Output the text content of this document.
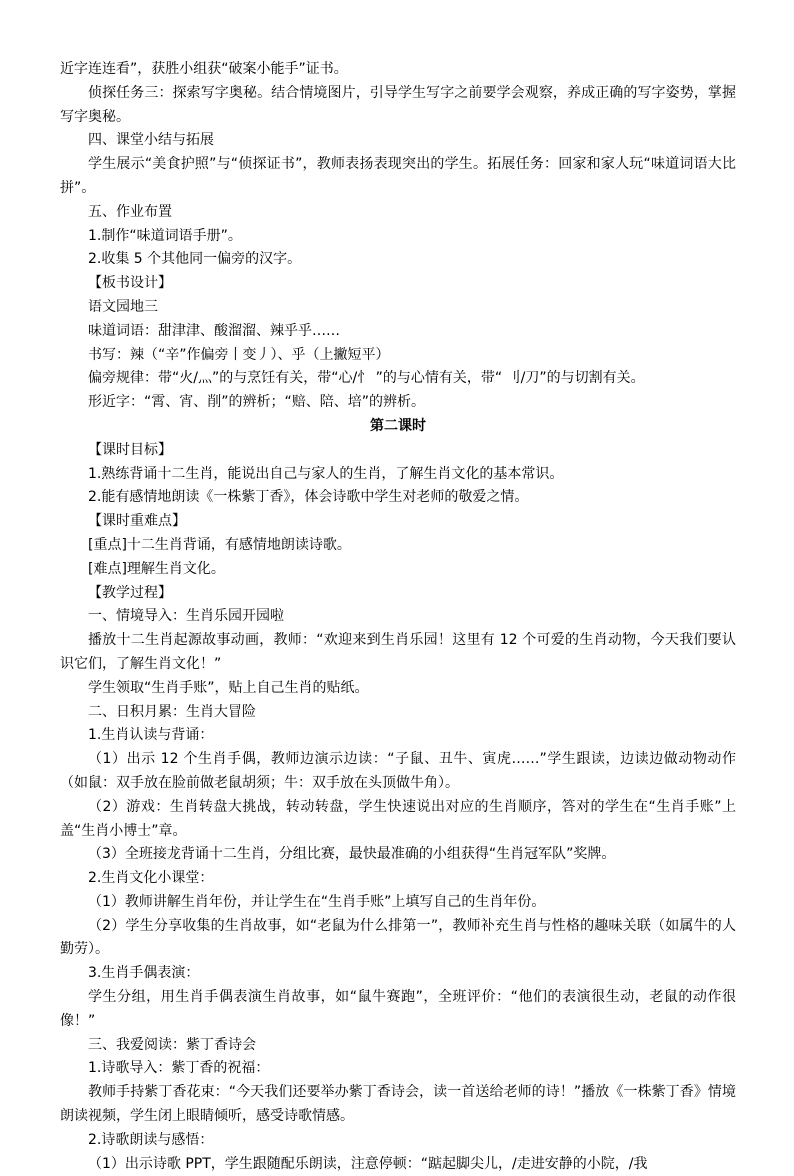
近字连连看”，获胜小组获“破案小能手”证书。

侦探任务三：探索写字奥秘。结合情境图片，引导学生写字之前要学会观察，养成正确的写字姿势，掌握写字奥秘。

四、课堂小结与拓展

学生展示“美食护照”与“侦探证书”，教师表扬表现突出的学生。拓展任务：回家和家人玩“味道词语大比拼”。

五、作业布置

1.制作“味道词语手册”。

2.收集 5 个其他同一偏旁的汉字。

【板书设计】

语文园地三

味道词语：甜津津、酸溜溜、辣乎乎……

书写：辣（“辛”作偏旁丨变丿）、乎（上撇短平）

偏旁规律：带“火/灬”的与烹饪有关，带“心/忄 ”的与心情有关，带“ 刂/刀”的与切割有关。

形近字：“霄、宵、削”的辨析；“赔、陪、培”的辨析。

第二课时

【课时目标】

1.熟练背诵十二生肖，能说出自己与家人的生肖，了解生肖文化的基本常识。

2.能有感情地朗读《一株紫丁香》，体会诗歌中学生对老师的敬爱之情。

【课时重难点】

[重点]十二生肖背诵，有感情地朗读诗歌。

[难点]理解生肖文化。

【教学过程】

一、情境导入：生肖乐园开园啦

播放十二生肖起源故事动画，教师：“欢迎来到生肖乐园！这里有 12 个可爱的生肖动物，今天我们要认识它们，了解生肖文化！”

学生领取“生肖手账”，贴上自己生肖的贴纸。

二、日积月累：生肖大冒险

1.生肖认读与背诵：

（1）出示 12 个生肖手偶，教师边演示边读：“子鼠、丑牛、寅虎……”学生跟读，边读边做动物动作（如鼠：双手放在脸前做老鼠胡须；牛：双手放在头顶做牛角）。

（2）游戏：生肖转盘大挑战，转动转盘，学生快速说出对应的生肖顺序，答对的学生在“生肖手账”上盖“生肖小博士”章。

（3）全班接龙背诵十二生肖，分组比赛，最快最准确的小组获得“生肖冠军队”奖牌。

2.生肖文化小课堂：

（1）教师讲解生肖年份，并让学生在“生肖手账”上填写自己的生肖年份。

（2）学生分享收集的生肖故事，如“老鼠为什么排第一”，教师补充生肖与性格的趣味关联（如属牛的人勤劳）。

3.生肖手偶表演：

学生分组，用生肖手偶表演生肖故事，如“鼠牛赛跑”，全班评价：“他们的表演很生动，老鼠的动作很像！”

三、我爱阅读：紫丁香诗会

1.诗歌导入：紫丁香的祝福：

教师手持紫丁香花束：“今天我们还要举办紫丁香诗会，读一首送给老师的诗！”播放《一株紫丁香》情境朗读视频，学生闭上眼睛倾听，感受诗歌情感。

2.诗歌朗读与感悟：

（1）出示诗歌 PPT，学生跟随配乐朗读，注意停顿：“踮起脚尖儿，/走进安静的小院，/我
